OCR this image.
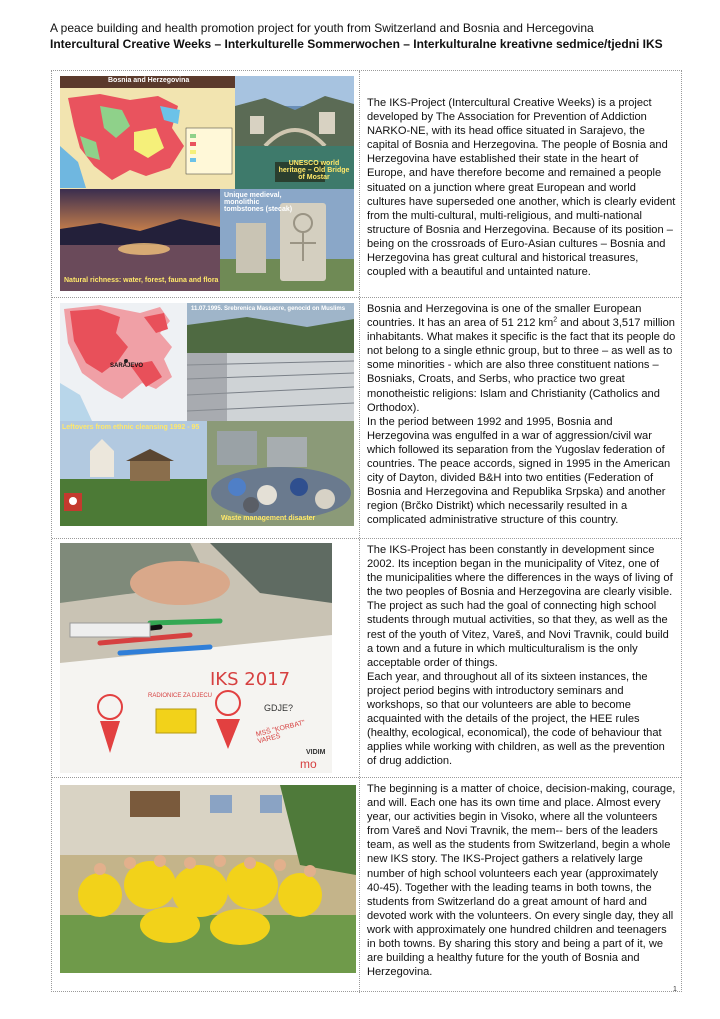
A peace building and health promotion project for youth from Switzerland and Bosnia and Hercegovina
Intercultural Creative Weeks – Interkulturelle Sommerwochen – Interkulturalne kreativne sedmice/tjedni IKS
Bosnia and Herzegovina
UNESCO world heritage – Old Bridge of Mostar
Natural richness: water, forest, fauna and flora
Unique medieval, monolithic tombstones (stecak)
The IKS-Project (Intercultural Creative Weeks) is a project developed by The Association for Prevention of Addiction NARKO-NE, with its head office situated in Sarajevo, the capital of Bosnia and Herzegovina. The people of Bosnia and Herzegovina have established their state in the heart of Europe, and have therefore become and remained a people situated on a junction where great European and world cultures have superseded one another, which is clearly evident from the multi-cultural, multi-religious, and multi-national structure of Bosnia and Herzegovina. Because of its position – being on the crossroads of Euro-Asian cultures – Bosnia and Herzegovina has great cultural and historical treasures, coupled with a beautiful and untainted nature.
SARAJEVO
11.07.1995. Srebrenica Massacre, genocid on Muslims
Leftovers from ethnic cleansing 1992 - 95
Waste management disaster
Bosnia and Herzegovina is one of the smaller European countries. It has an area of 51 212 $km^2$ and about 3,517 million inhabitants. What makes it specific is the fact that its people do not belong to a single ethnic group, but to three – as well as to some minorities - which are also three constituent nations – Bosniaks, Croats, and Serbs, who practice two great monotheistic religions: Islam and Christianity (Catholics and Orthodox).
In the period between 1992 and 1995, Bosnia and Herzegovina was engulfed in a war of aggression/civil war which followed its separation from the Yugoslav federation of countries. The peace accords, signed in 1995 in the American city of Dayton, divided B&H into two entities (Federation of Bosnia and Herzegovina and Republika Srpska) and another region (Brčko Distrikt) which necessarily resulted in a complicated administrative structure of this country.
IKS 2017
RADIONICE ZA DJECU
GDJE?
MSŠ "KORBAT" VAREŠ
VIDIM
mo
The IKS-Project has been constantly in development since 2002. Its inception began in the municipality of Vitez, one of the municipalities where the differences in the ways of living of the two peoples of Bosnia and Herzegovina are clearly visible. The project as such had the goal of connecting high school students through mutual activities, so that they, as well as the rest of the youth of Vitez, Vareš, and Novi Travnik, could build a town and a future in which multiculturalism is the only acceptable order of things.
Each year, and throughout all of its sixteen instances, the project period begins with introductory seminars and workshops, so that our volunteers are able to become acquainted with the details of the project, the HEE rules (healthy, ecological, economical), the code of behaviour that applies while working with children, as well as the prevention of drug addiction.
The beginning is a matter of choice, decision-making, courage, and will. Each one has its own time and place. Almost every year, our activities begin in Visoko, where all the volunteers from Vareš and Novi Travnik, the mem-- bers of the leaders team, as well as the students from Switzerland, begin a whole new IKS story. The IKS-Project gathers a relatively large number of high school volunteers each year (approximately 40-45). Together with the leading teams in both towns, the students from Switzerland do a great amount of hard and devoted work with the volunteers. On every single day, they all work with approximately one hundred children and teenagers in both towns. By sharing this story and being a part of it, we are building a healthy future for the youth of Bosnia and Herzegovina.
1
